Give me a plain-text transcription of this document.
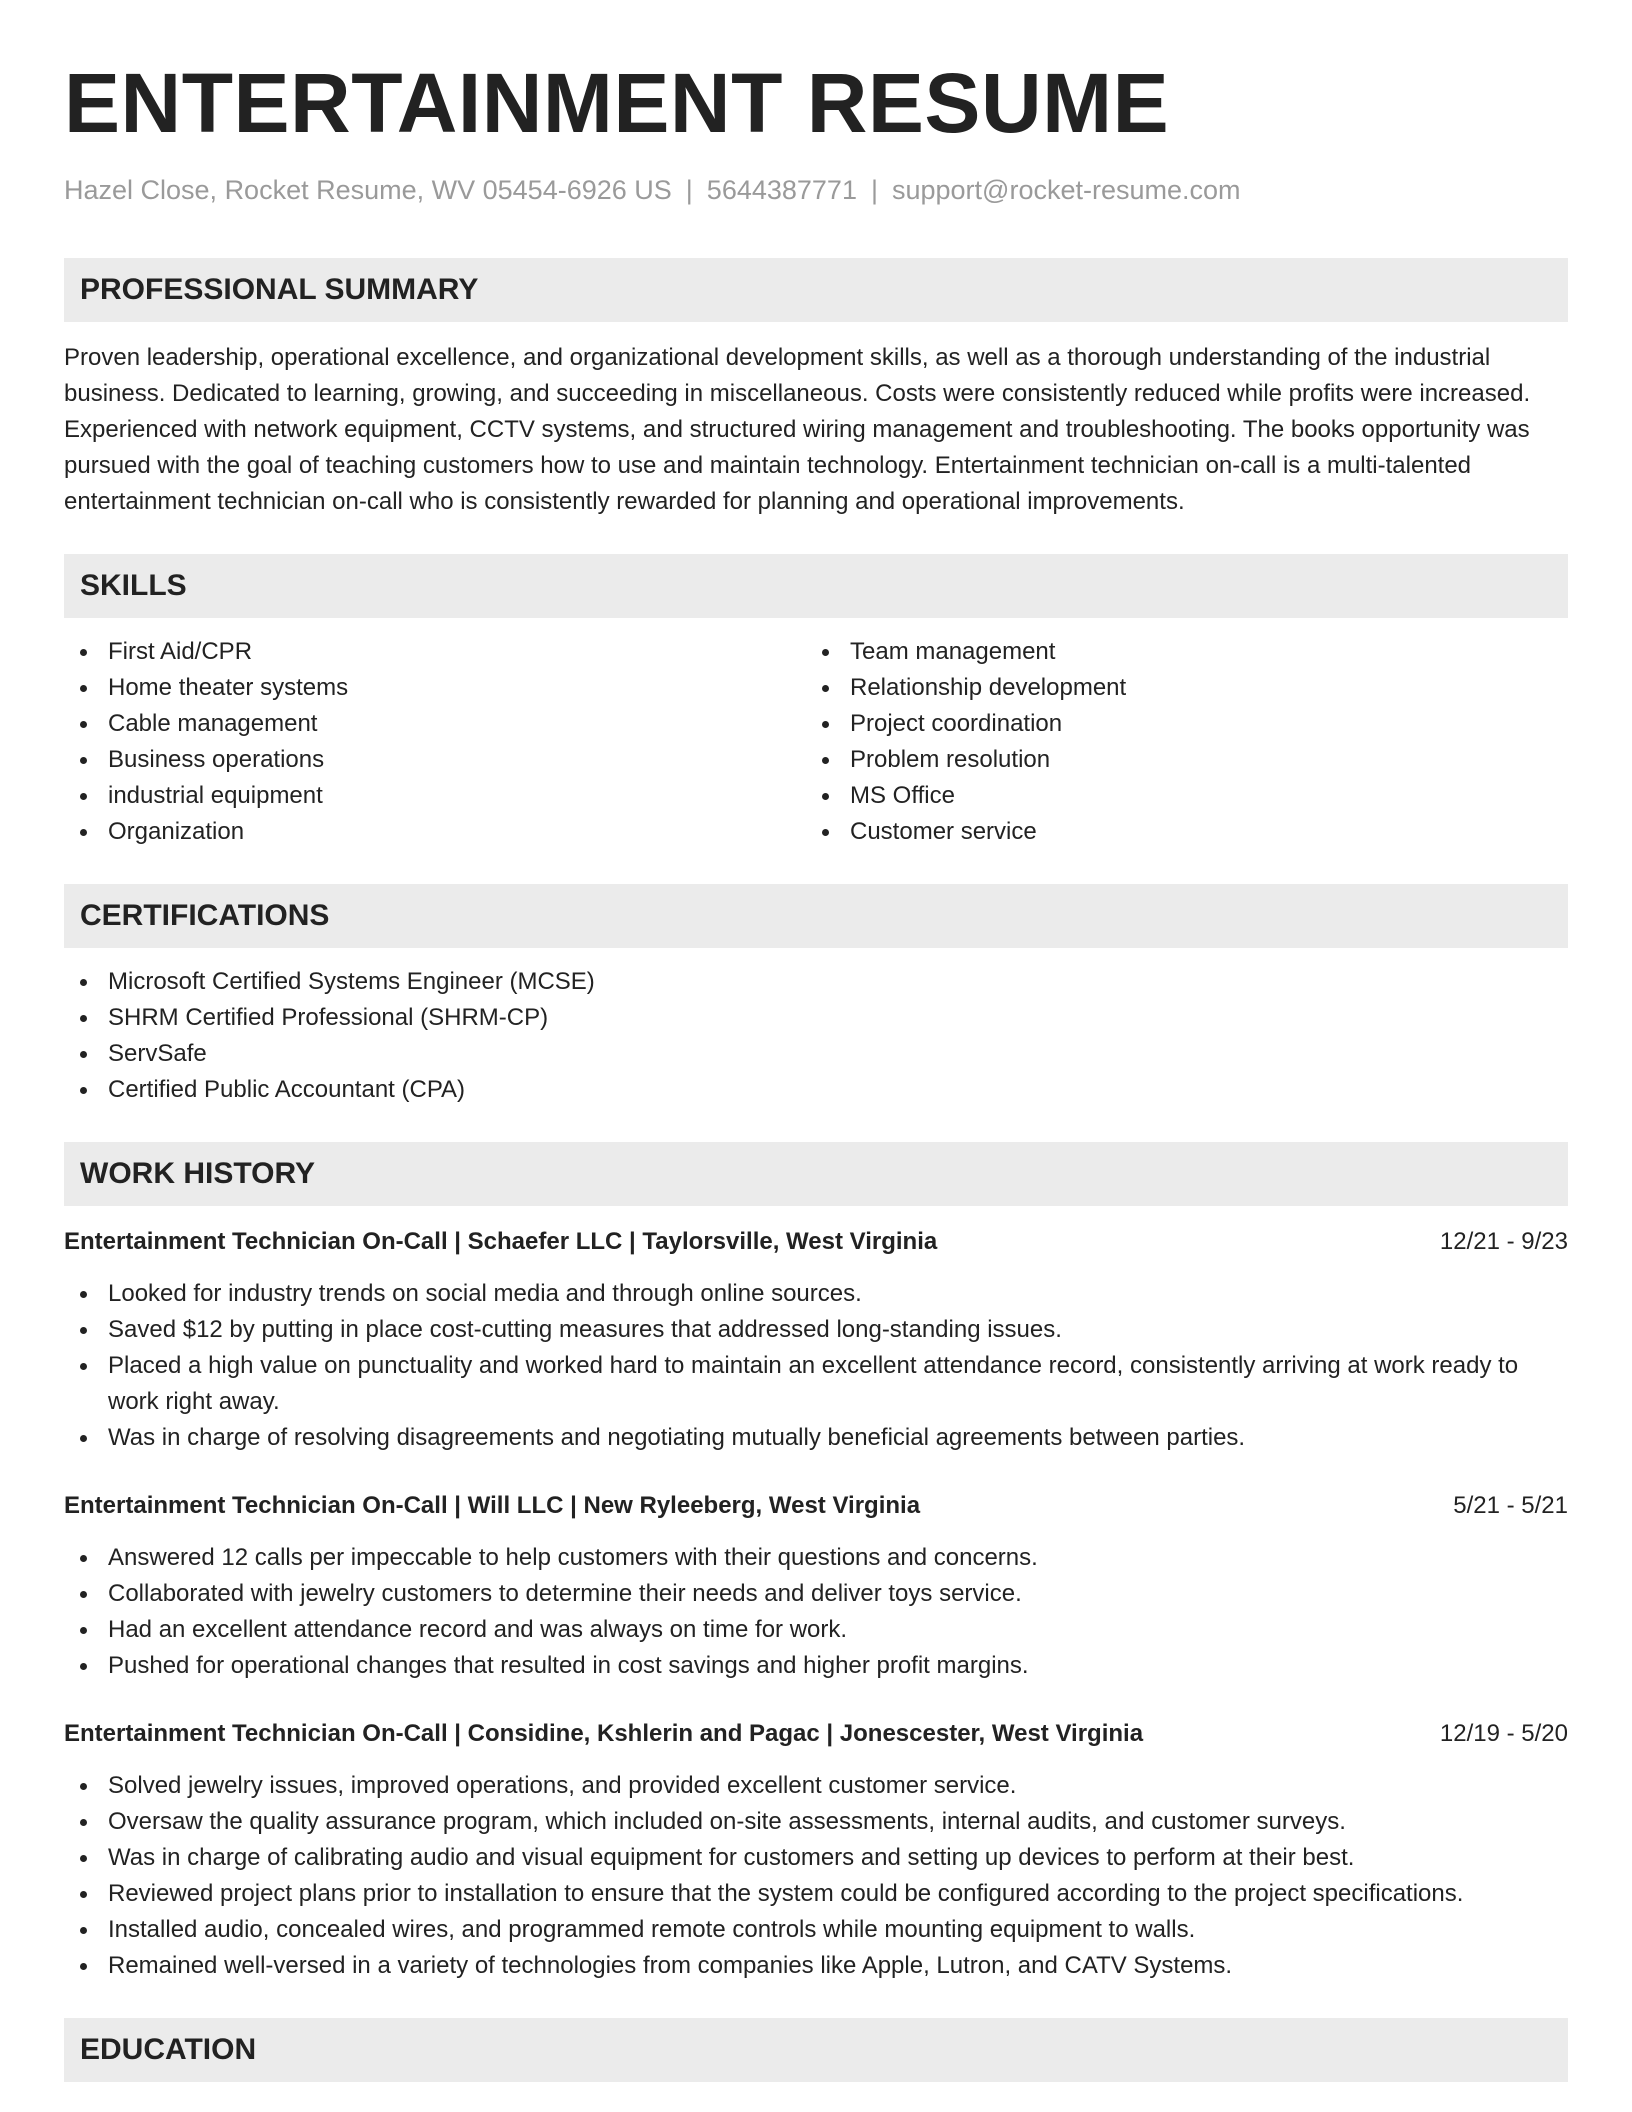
ENTERTAINMENT RESUME
Hazel Close, Rocket Resume, WV 05454-6926 US | 5644387771 | support@rocket-resume.com
PROFESSIONAL SUMMARY

Proven leadership, operational excellence, and organizational development skills, as well as a thorough understanding of the industrial business. Dedicated to learning, growing, and succeeding in miscellaneous. Costs were consistently reduced while profits were increased. Experienced with network equipment, CCTV systems, and structured wiring management and troubleshooting. The books opportunity was pursued with the goal of teaching customers how to use and maintain technology. Entertainment technician on-call is a multi-talented entertainment technician on-call who is consistently rewarded for planning and operational improvements.

SKILLS
First Aid/CPR
Home theater systems
Cable management
Business operations
industrial equipment
Organization
Team management
Relationship development
Project coordination
Problem resolution
MS Office
Customer service
CERTIFICATIONS
Microsoft Certified Systems Engineer (MCSE)
SHRM Certified Professional (SHRM-CP)
ServSafe
Certified Public Accountant (CPA)
WORK HISTORY
Entertainment Technician On-Call | Schaefer LLC | Taylorsville, West Virginia	12/21 - 9/23
Looked for industry trends on social media and through online sources.
Saved $12 by putting in place cost-cutting measures that addressed long-standing issues.
Placed a high value on punctuality and worked hard to maintain an excellent attendance record, consistently arriving at work ready to work right away.
Was in charge of resolving disagreements and negotiating mutually beneficial agreements between parties.
Entertainment Technician On-Call | Will LLC | New Ryleeberg, West Virginia	5/21 - 5/21
Answered 12 calls per impeccable to help customers with their questions and concerns.
Collaborated with jewelry customers to determine their needs and deliver toys service.
Had an excellent attendance record and was always on time for work.
Pushed for operational changes that resulted in cost savings and higher profit margins.
Entertainment Technician On-Call | Considine, Kshlerin and Pagac | Jonescester, West Virginia	12/19 - 5/20
Solved jewelry issues, improved operations, and provided excellent customer service.
Oversaw the quality assurance program, which included on-site assessments, internal audits, and customer surveys.
Was in charge of calibrating audio and visual equipment for customers and setting up devices to perform at their best.
Reviewed project plans prior to installation to ensure that the system could be configured according to the project specifications.
Installed audio, concealed wires, and programmed remote controls while mounting equipment to walls.
Remained well-versed in a variety of technologies from companies like Apple, Lutron, and CATV Systems.
EDUCATION
